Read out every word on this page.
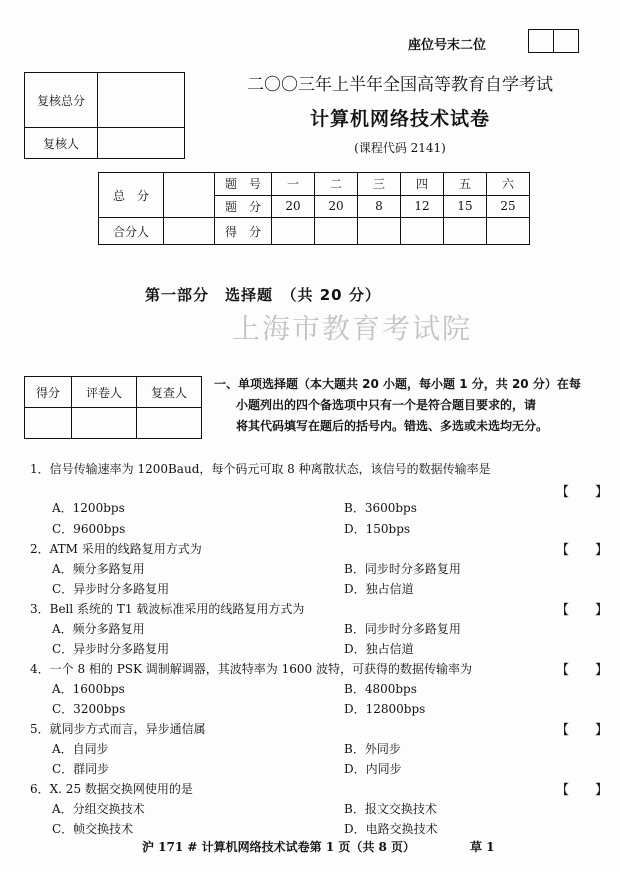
座位号末二位
复核总分	
复核人	
二〇〇三年上半年全国高等教育自学考试
计算机网络技术试卷
(课程代码 2141)
总　分		题　号	一	二	三	四	五	六
		题　分	20	20	8	12	15	25
合分人		得　分						
第一部分　选择题　（共 20 分）
上海市教育考试院
得分	评卷人	复查人

一、单项选择题（本大题共 20 小题，每小题 1 分，共 20 分）在每
小题列出的四个备选项中只有一个是符合题目要求的，请
将其代码填写在题后的括号内。错选、多选或未选均无分。
1．信号传输速率为 1200Baud，每个码元可取 8 种离散状态，该信号的数据传输率是
【　　】
A．1200bps	B．3600bps
C．9600bps	D．150bps
2．ATM 采用的线路复用方式为	【　　】
A．频分多路复用	B．同步时分多路复用
C．异步时分多路复用	D．独占信道
3．Bell 系统的 T1 载波标准采用的线路复用方式为	【　　】
A．频分多路复用	B．同步时分多路复用
C．异步时分多路复用	D．独占信道
4．一个 8 相的 PSK 调制解调器，其波特率为 1600 波特，可获得的数据传输率为	【　　】
A．1600bps	B．4800bps
C．3200bps	D．12800bps
5．就同步方式而言，异步通信属	【　　】
A．自同步	B．外同步
C．群同步	D．内同步
6．X. 25 数据交换网使用的是	【　　】
A．分组交换技术	B．报文交换技术
C．帧交换技术	D．电路交换技术
沪 171 # 计算机网络技术试卷第 1 页（共 8 页）	草 1
